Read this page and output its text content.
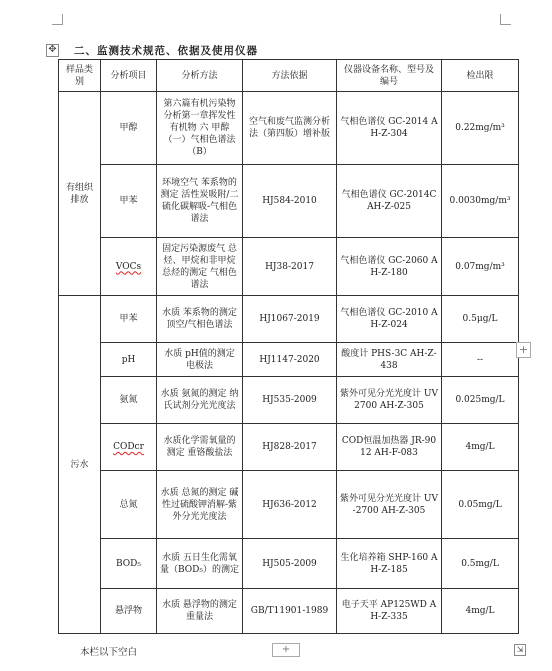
✥ 二、监测技术规范、依据及使用仪器
样品类别	分析项目	分析方法	方法依据	仪器设备名称、型号及编号	检出限
有组织排放	甲醇	第六篇有机污染物分析第一章挥发性有机物 六 甲醇（一）气相色谱法（B）	空气和废气监测分析法（第四版）增补版	气相色谱仪 GC-2014 AH-Z-304	0.22mg/m³
	甲苯	环境空气 苯系物的测定 活性炭吸附/二硫化碳解吸-气相色谱法	HJ584-2010	气相色谱仪 GC-2014C AH-Z-025	0.0030mg/m³
	VOCs	固定污染源废气 总烃、甲烷和非甲烷总烃的测定 气相色谱法	HJ38-2017	气相色谱仪 GC-2060 AH-Z-180	0.07mg/m³
污水	甲苯	水质 苯系物的测定 顶空/气相色谱法	HJ1067-2019	气相色谱仪 GC-2010 AH-Z-024	0.5μg/L
	pH	水质 pH值的测定 电极法	HJ1147-2020	酸度计 PHS-3C AH-Z-438	--
	氨氮	水质 氨氮的测定 纳氏试剂分光光度法	HJ535-2009	紫外可见分光光度计 UV2700 AH-Z-305	0.025mg/L
	CODcr	水质化学需氧量的测定 重铬酸盐法	HJ828-2017	COD恒温加热器 JR-9012 AH-F-083	4mg/L
	总氮	水质 总氮的测定 碱性过硫酸钾消解-紫外分光光度法	HJ636-2012	紫外可见分光光度计 UV-2700 AH-Z-305	0.05mg/L
	BOD₅	水质 五日生化需氧量（BOD₅）的测定	HJ505-2009	生化培养箱 SHP-160 AH-Z-185	0.5mg/L
	悬浮物	水质 悬浮物的测定 重量法	GB/T11901-1989	电子天平 AP125WD AH-Z-335	4mg/L
+
本栏以下空白	+	⇲
